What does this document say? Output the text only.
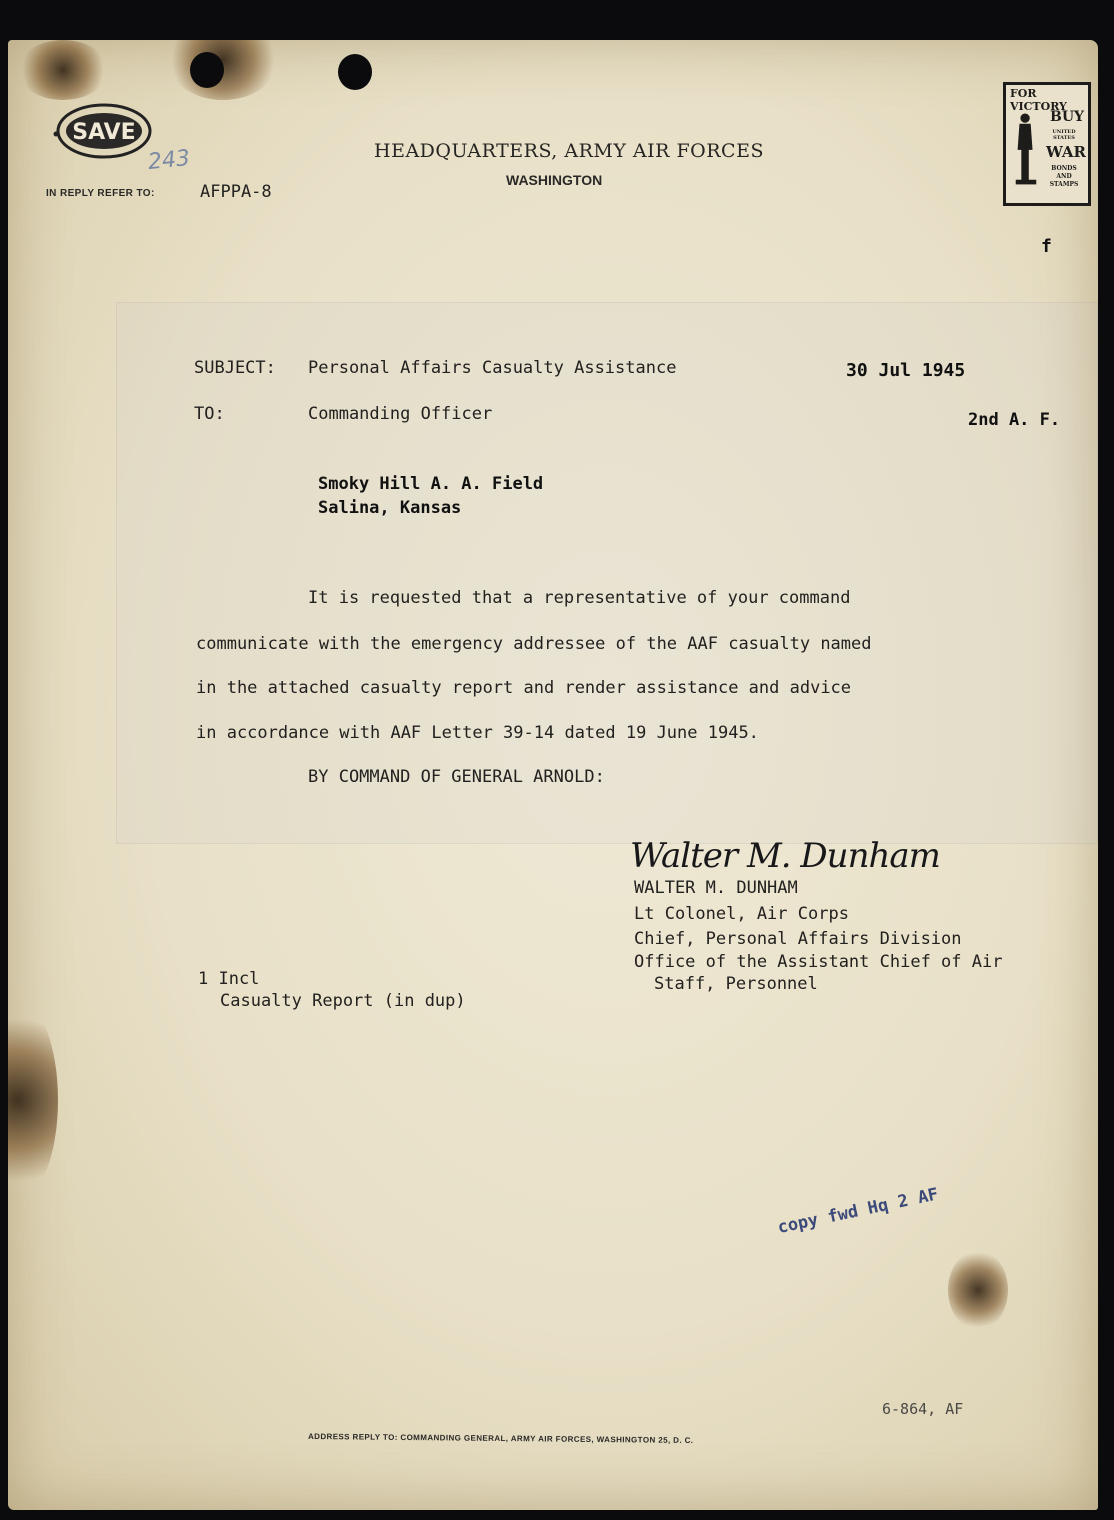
SAVE
243	HEADQUARTERS, ARMY AIR FORCES
WASHINGTON
IN REPLY REFER TO:	AFPPA-8
FOR VICTORY
BUY
UNITED STATES
WAR
BONDS AND STAMPS
f
SUBJECT: Personal Affairs Casualty Assistance	30 Jul 1945
TO:	Commanding Officer	2nd A. F.
Smoky Hill A. A. Field
Salina, Kansas
It is requested that a representative of your command
communicate with the emergency addressee of the AAF casualty named
in the attached casualty report and render assistance and advice
in accordance with AAF Letter 39-14 dated 19 June 1945.
BY COMMAND OF GENERAL ARNOLD:
Walter M. Dunham
WALTER M. DUNHAM
Lt Colonel, Air Corps
Chief, Personal Affairs Division
Office of the Assistant Chief of Air
Staff, Personnel
1 Incl
Casualty Report (in dup)
copy fwd Hq 2 AF
6-864, AF
ADDRESS REPLY TO: COMMANDING GENERAL, ARMY AIR FORCES, WASHINGTON 25, D. C.
